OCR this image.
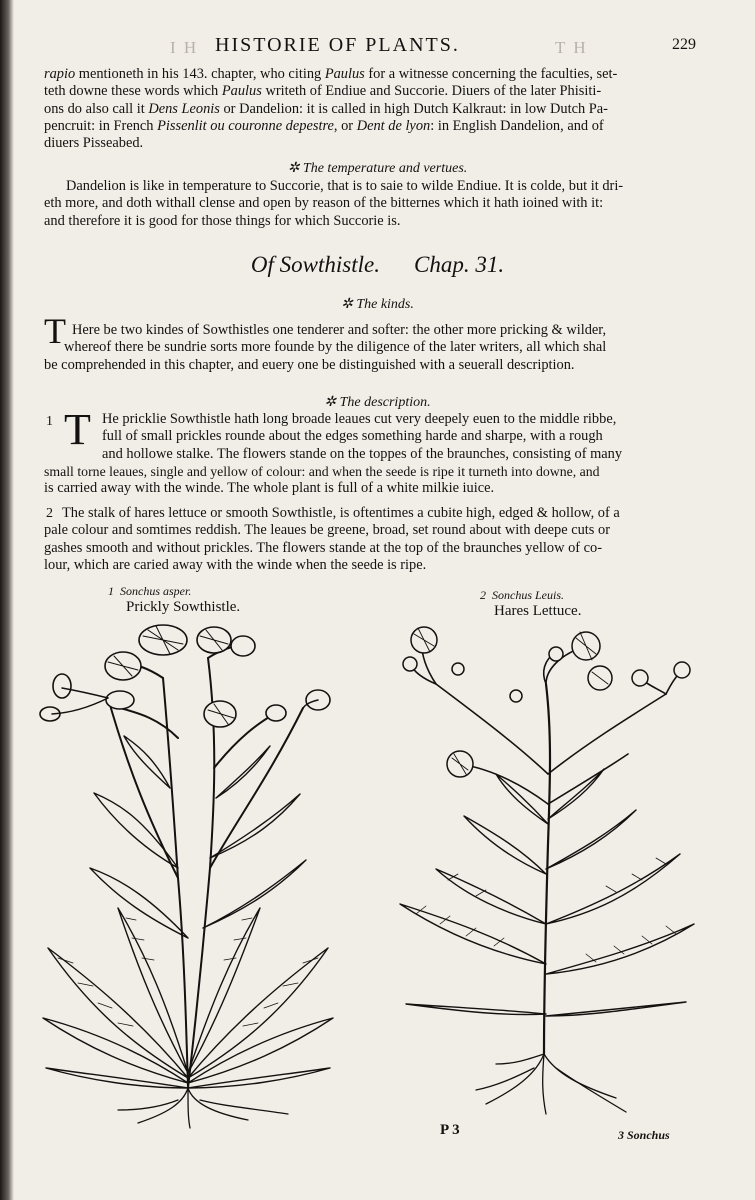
I H HISTORIE OF PLANTS.	T H	229
rapio mentioneth in his 143. chapter, who citing Paulus for a witnesse concerning the faculties, set-
teth downe these words which Paulus writeth of Endiue and Succorie. Diuers of the later Phisiti-
ons do also call it Dens Leonis or Dandelion: it is called in high Dutch Kalkraut: in low Dutch Pa-
pencruit: in French Pissenlit ou couronne depestre, or Dent de lyon: in English Dandelion, and of
diuers Pisseabed.
✲ The temperature and vertues.
Dandelion is like in temperature to Succorie, that is to saie to wilde Endiue. It is colde, but it dri-
eth more, and doth withall clense and open by reason of the bitternes which it hath ioined with it:
and therefore it is good for those things for which Succorie is.
Of Sowthistle. Chap. 31.
✲ The kinds.
T Here be two kindes of Sowthistles one tenderer and softer: the other more pricking & wilder,
whereof there be sundrie sorts more founde by the diligence of the later writers, all which shal
be comprehended in this chapter, and euery one be distinguished with a seuerall description.
✲ The description.
1 T He pricklie Sowthistle hath long broade leaues cut very deepely euen to the middle ribbe,
full of small prickles rounde about the edges something harde and sharpe, with a rough
and hollowe stalke. The flowers stande on the toppes of the braunches, consisting of many
small torne leaues, single and yellow of colour: and when the seede is ripe it turneth into downe, and
is carried away with the winde. The whole plant is full of a white milkie iuice.
2 The stalk of hares lettuce or smooth Sowthistle, is oftentimes a cubite high, edged & hollow, of a
pale colour and somtimes reddish. The leaues be greene, broad, set round about with deepe cuts or
gashes smooth and without prickles. The flowers stande at the top of the braunches yellow of co-
lour, which are caried away with the winde when the seede is ripe.
1 Sonchus asper.
Prickly Sowthistle.
2 Sonchus Leuis.
Hares Lettuce.
P 3	3 Sonchus
